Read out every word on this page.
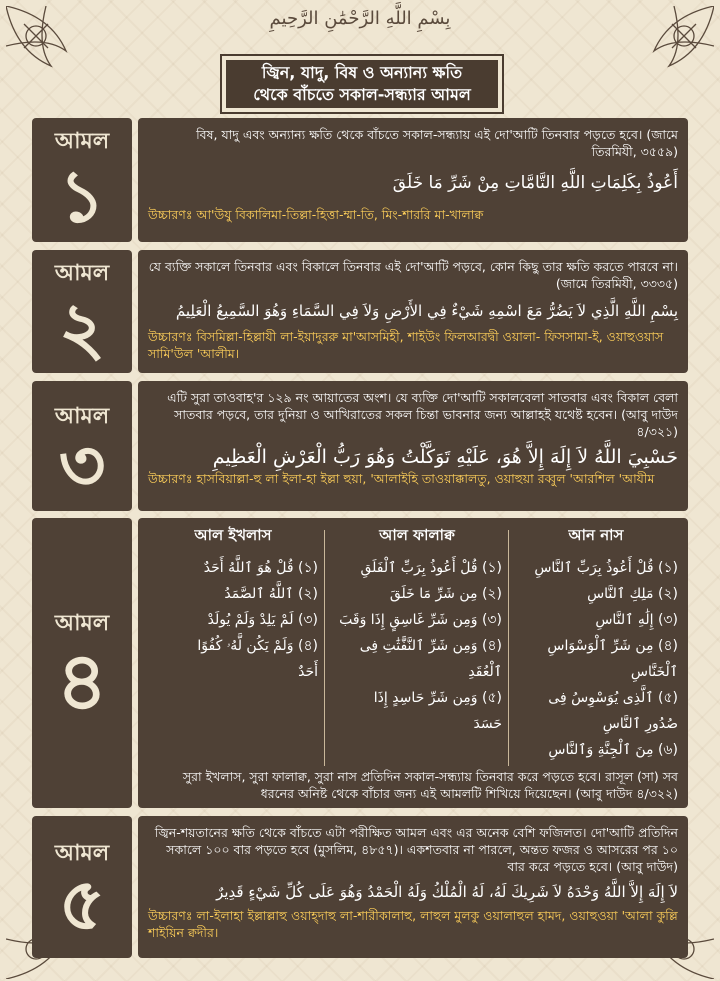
بِسْمِ اللَّهِ الرَّحْمَٰنِ الرَّحِيمِ
জ্বিন, যাদু, বিষ ও অন্যান্য ক্ষতি
থেকে বাঁচতে সকাল-সন্ধ্যার আমল
আমল
১
বিষ, যাদু এবং অন্যান্য ক্ষতি থেকে বাঁচতে সকাল-সন্ধ্যায় এই দো'আটি তিনবার পড়তে হবে। (জামে তিরমিযী, ৩৫৫৯)
أَعُوذُ بِكَلِمَاتِ اللَّهِ التَّامَّاتِ مِنْ شَرِّ مَا خَلَقَ
উচ্চারণঃ আ'উযু বিকালিমা-তিল্লা-হিত্তা-ম্মা-তি, মিং-শাররি মা-খালাক্ব
আমল
২
যে ব্যক্তি সকালে তিনবার এবং বিকালে তিনবার এই দো'আটি পড়বে, কোন কিছু তার ক্ষতি করতে পারবে না। (জামে তিরমিযী, ৩৩৩৫)
بِسْمِ اللَّهِ الَّذِي لاَ يَضُرُّ مَعَ اسْمِهِ شَيْءٌ فِي الأَرْضِ وَلاَ فِي السَّمَاءِ وَهُوَ السَّمِيعُ الْعَلِيمُ
উচ্চারণঃ বিসমিল্লা-হিল্লাযী লা-ইয়াদুররু মা'আসমিহী, শাইউং ফিলআরদ্বী ওয়ালা- ফিসসামা-ই, ওয়াহুওয়াস সামি'উল 'আলীম।
আমল
৩
এটি সুরা তাওবাহ'র ১২৯ নং আয়াতের অংশ। যে ব্যক্তি দো'আটি সকালবেলা সাতবার এবং বিকাল বেলা সাতবার পড়বে, তার দুনিয়া ও আখিরাতের সকল চিন্তা ভাবনার জন্য আল্লাহই যথেষ্ট হবেন। (আবু দাউদ ৪/৩২১)
حَسْبِيَ اللَّهُ لاَ إِلَهَ إِلاَّ هُوَ، عَلَيْهِ تَوَكَّلْتُ وَهُوَ رَبُّ الْعَرْشِ الْعَظِيمِ
উচ্চারণঃ হাসবিয়াল্লা-হু লা ইলা-হা ইল্লা হুয়া, 'আলাইহি তাওয়াক্কালতু, ওয়াহুয়া রব্বুল 'আরশিল 'আযীম
আমল
৪
আল ইখলাস
(১) قُلْ هُوَ ٱللَّهُ أَحَدٌ
(২) ٱللَّهُ ٱلصَّمَدُ
(৩) لَمْ يَلِدْ وَلَمْ يُولَدْ
(৪) وَلَمْ يَكُن لَّهُۥ كُفُوًا
أَحَدٌ
আল ফালাক্ব
(১) قُلْ أَعُوذُ بِرَبِّ ٱلْفَلَقِ
(২) مِن شَرِّ مَا خَلَقَ
(৩) وَمِن شَرِّ غَاسِقٍ إِذَا وَقَبَ
(৪) وَمِن شَرِّ ٱلنَّفَّٰثَٰتِ فِى
ٱلْعُقَدِ
(৫) وَمِن شَرِّ حَاسِدٍ إِذَا
حَسَدَ
আন নাস
(১) قُلْ أَعُوذُ بِرَبِّ ٱلنَّاسِ
(২) مَلِكِ ٱلنَّاسِ
(৩) إِلَٰهِ ٱلنَّاسِ
(৪) مِن شَرِّ ٱلْوَسْوَاسِ ٱلْخَنَّاسِ
(৫) ٱلَّذِى يُوَسْوِسُ فِى
صُدُورِ ٱلنَّاسِ
(৬) مِنَ ٱلْجِنَّةِ وَٱلنَّاسِ
সুরা ইখলাস, সুরা ফালাক্ব, সুরা নাস প্রতিদিন সকাল-সন্ধ্যায় তিনবার করে পড়তে হবে। রাসূল (সা) সব ধরনের অনিষ্ট থেকে বাঁচার জন্য এই আমলটি শিখিয়ে দিয়েছেন। (আবু দাউদ ৪/৩২২)
আমল
৫
জ্বিন-শয়তানের ক্ষতি থেকে বাঁচতে এটা পরীক্ষিত আমল এবং এর অনেক বেশি ফজিলত। দো'আটি প্রতিদিন সকালে ১০০ বার পড়তে হবে (মুসলিম, ৪৮৫৭)। একশতবার না পারলে, অন্তত ফজর ও আসরের পর ১০ বার করে পড়তে হবে। (আবু দাউদ)
لاَ إِلَهَ إِلاَّ اللَّهُ وَحْدَهُ لاَ شَرِيكَ لَهُ، لَهُ الْمُلْكُ وَلَهُ الْحَمْدُ وَهُوَ عَلَى كُلِّ شَيْءٍ قَدِيرٌ
উচ্চারণঃ লা-ইলাহা ইল্লাল্লাহু ওয়াহ্‌দাহু লা-শারীকালাহু, লাহুল মুলকু ওয়ালাহুল হামদ, ওয়াহুওয়া 'আলা কুল্লি শাইয়িন ক্বদীর।
